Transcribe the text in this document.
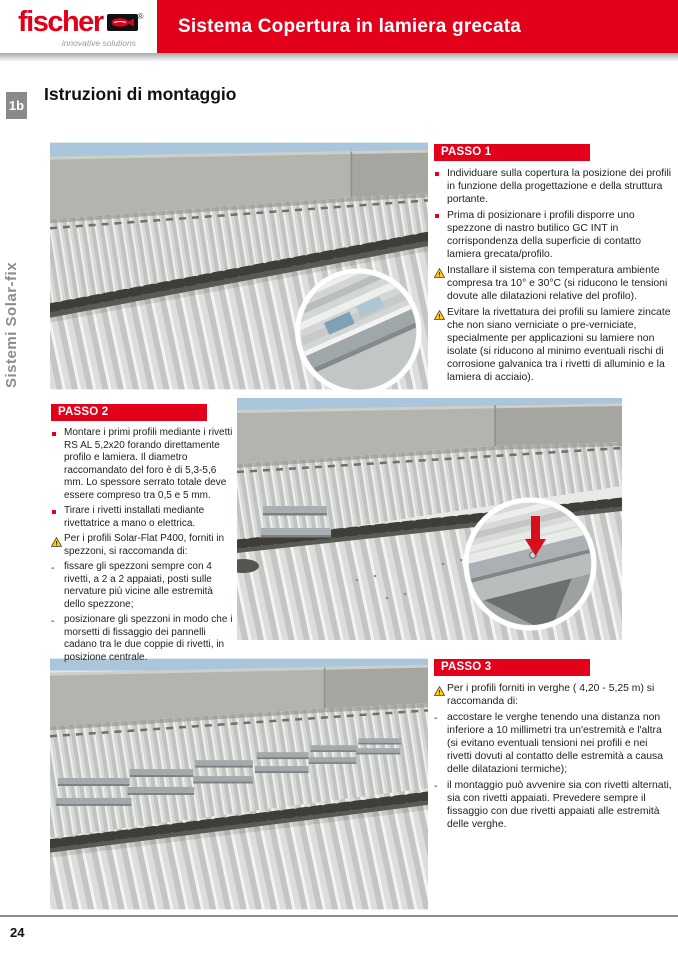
fischer	®
innovative solutions
Sistema Copertura in lamiera grecata
1b
Sistemi Solar-fix
Istruzioni di montaggio
PASSO 1
Individuare sulla copertura la posizione dei profili in funzione della progettazione e della struttura portante.
Prima di posizionare i profili disporre uno spezzone di nastro butilico GC INT in corrispondenza della superficie di contatto lamiera grecata/profilo.
! Installare il sistema con temperatura ambiente compresa tra 10° e 30°C (si riducono le tensioni dovute alle dilatazioni relative del profilo).
! Evitare la rivettatura dei profili su lamiere zincate che non siano verniciate o pre-verniciate, specialmente per applicazioni su lamiere non isolate (si riducono al minimo eventuali rischi di corrosione galvanica tra i rivetti di alluminio e la lamiera di acciaio).
PASSO 2
Montare i primi profili mediante i rivetti RS AL 5,2x20 forando direttamente profilo e lamiera. Il diametro raccomandato del foro è di 5,3-5,6 mm. Lo spessore serrato totale deve essere compreso tra 0,5 e 5 mm.
Tirare i rivetti installati mediante rivettatrice a mano o elettrica.
! Per i profili Solar-Flat P400, forniti in spezzoni, si raccomanda di:
- fissare gli spezzoni sempre con 4 rivetti, a 2 a 2 appaiati, posti sulle nervature più vicine alle estremità dello spezzone;
- posizionare gli spezzoni in modo che i morsetti di fissaggio dei pannelli cadano tra le due coppie di rivetti, in posizione centrale.
PASSO 3
! Per i profili forniti in verghe ( 4,20 - 5,25 m) si raccomanda di:
- accostare le verghe tenendo una distanza non inferiore a 10 millimetri tra un'estremità e l'altra (si evitano eventuali tensioni nei profili e nei rivetti dovuti al contatto delle estremità a causa delle dilatazioni termiche);
- il montaggio può avvenire sia con rivetti alternati, sia con rivetti appaiati. Prevedere sempre il fissaggio con due rivetti appaiati alle estremità delle verghe.
24
